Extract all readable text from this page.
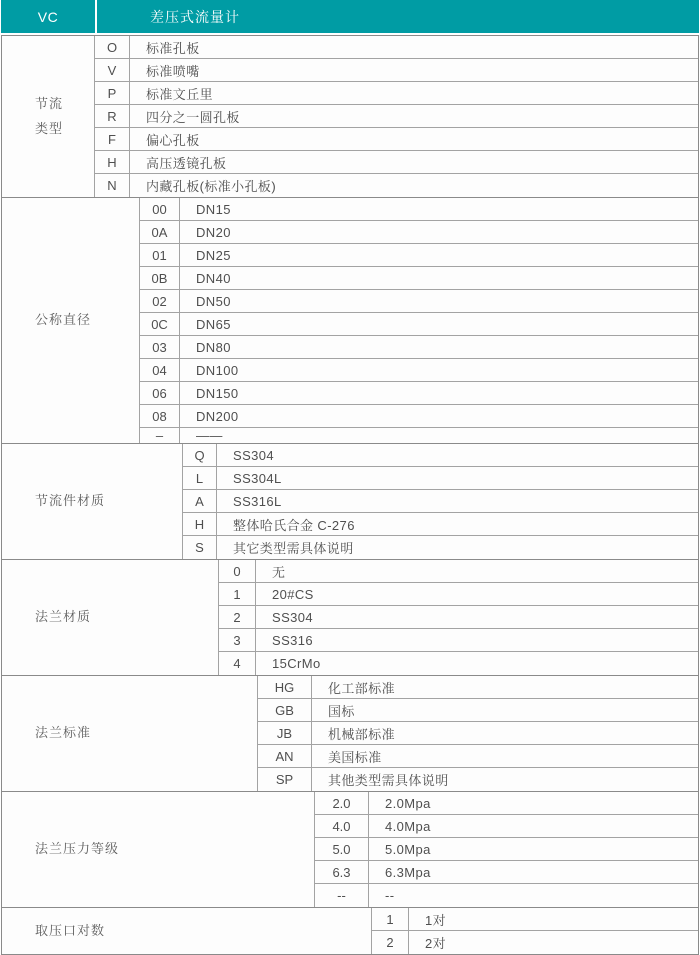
VC	差压式流量计
节流
类型
O	标准孔板
V	标准喷嘴
P	标准文丘里
R	四分之一圆孔板
F	偏心孔板
H	高压透镜孔板
N	内藏孔板(标准小孔板)
公称直径
00	DN15
0A	DN20
01	DN25
0B	DN40
02	DN50
0C	DN65
03	DN80
04	DN100
06	DN150
08	DN200
–	——
节流件材质
Q	SS304
L	SS304L
A	SS316L
H	整体哈氏合金 C-276
S	其它类型需具体说明
法兰材质
0	无
1	20#CS
2	SS304
3	SS316
4	15CrMo
法兰标准
HG	化工部标准
GB	国标
JB	机械部标准
AN	美国标准
SP	其他类型需具体说明
法兰压力等级
2.0	2.0Mpa
4.0	4.0Mpa
5.0	5.0Mpa
6.3	6.3Mpa
--	--
取压口对数
1	1对
2	2对
